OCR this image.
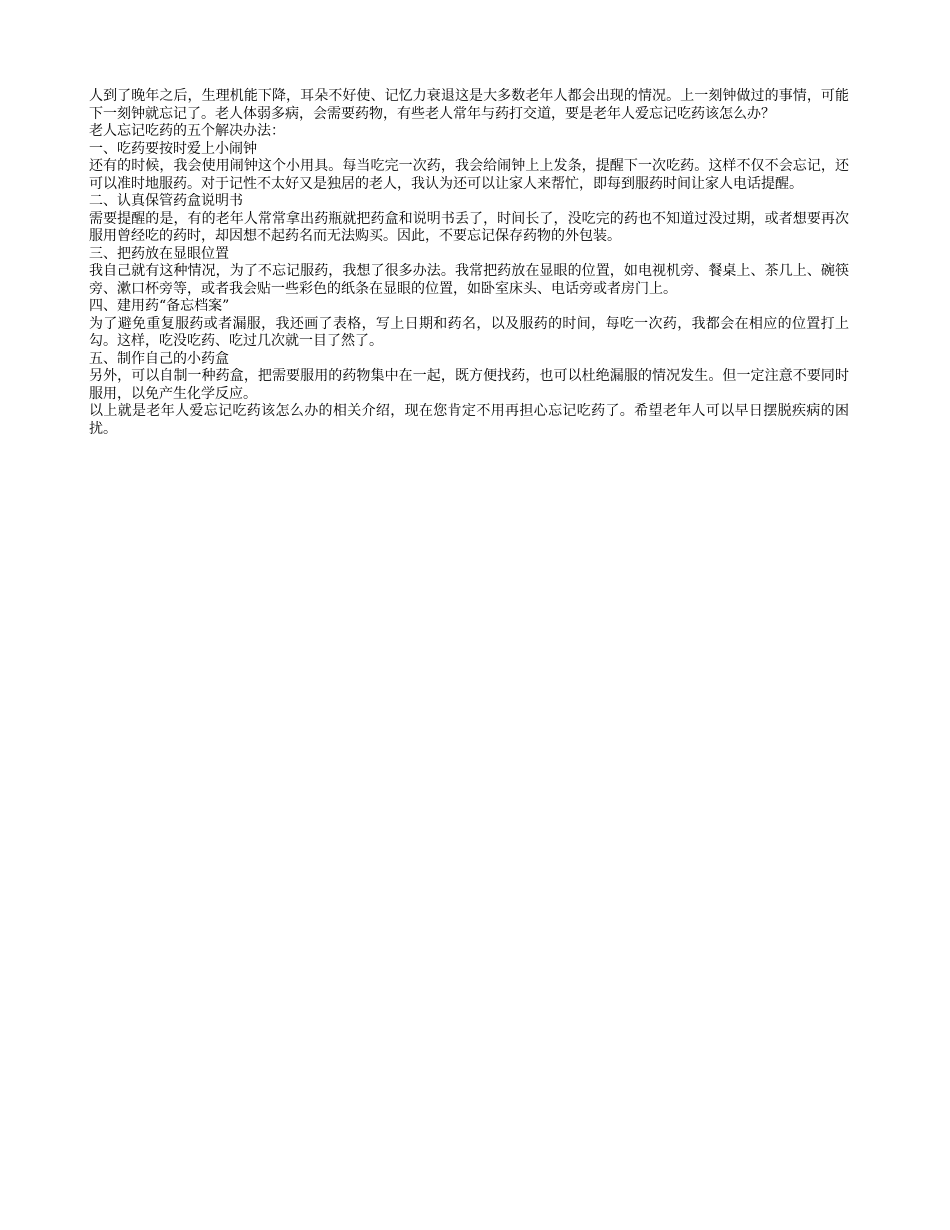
人到了晚年之后，生理机能下降，耳朵不好使、记忆力衰退这是大多数老年人都会出现的情况。上一刻钟做过的事情，可能下一刻钟就忘记了。老人体弱多病，会需要药物，有些老人常年与药打交道，要是老年人爱忘记吃药该怎么办？

老人忘记吃药的五个解决办法：

一、吃药要按时爱上小闹钟

还有的时候，我会使用闹钟这个小用具。每当吃完一次药，我会给闹钟上上发条，提醒下一次吃药。这样不仅不会忘记，还可以准时地服药。对于记性不太好又是独居的老人，我认为还可以让家人来帮忙，即每到服药时间让家人电话提醒。

二、认真保管药盒说明书

需要提醒的是，有的老年人常常拿出药瓶就把药盒和说明书丢了，时间长了，没吃完的药也不知道过没过期，或者想要再次服用曾经吃的药时，却因想不起药名而无法购买。因此，不要忘记保存药物的外包装。

三、把药放在显眼位置

我自己就有这种情况，为了不忘记服药，我想了很多办法。我常把药放在显眼的位置，如电视机旁、餐桌上、茶几上、碗筷旁、漱口杯旁等，或者我会贴一些彩色的纸条在显眼的位置，如卧室床头、电话旁或者房门上。

四、建用药“备忘档案”

为了避免重复服药或者漏服，我还画了表格，写上日期和药名，以及服药的时间，每吃一次药，我都会在相应的位置打上勾。这样，吃没吃药、吃过几次就一目了然了。

五、制作自己的小药盒

另外，可以自制一种药盒，把需要服用的药物集中在一起，既方便找药，也可以杜绝漏服的情况发生。但一定注意不要同时服用，以免产生化学反应。

以上就是老年人爱忘记吃药该怎么办的相关介绍，现在您肯定不用再担心忘记吃药了。希望老年人可以早日摆脱疾病的困扰。
